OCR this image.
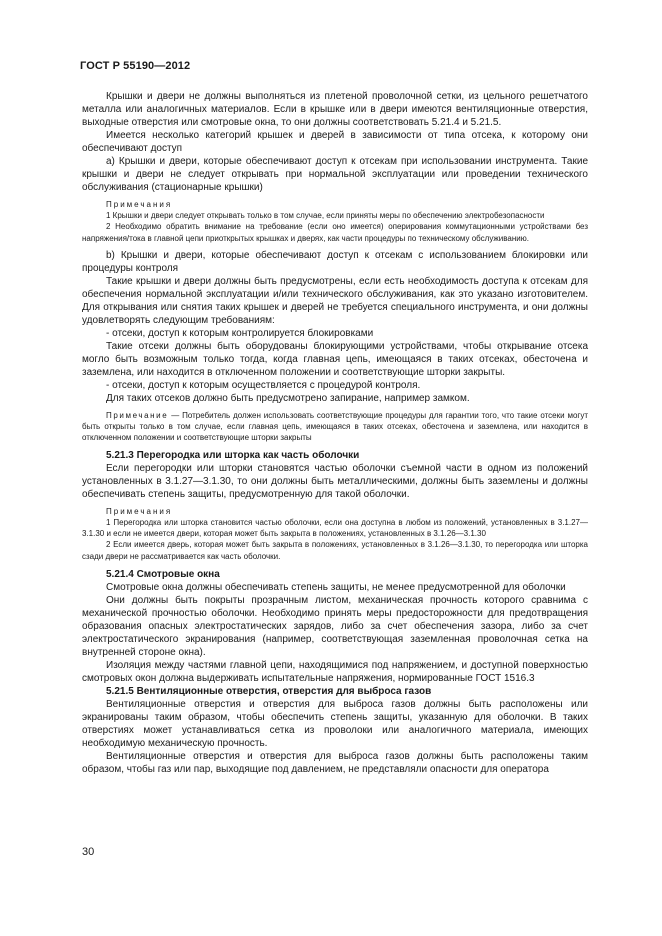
ГОСТ Р 55190—2012

Крышки и двери не должны выполняться из плетеной проволочной сетки, из цельного решетчатого металла или аналогичных материалов. Если в крышке или в двери имеются вентиляционные отверстия, выходные отверстия или смотровые окна, то они должны соответствовать 5.21.4 и 5.21.5.

Имеется несколько категорий крышек и дверей в зависимости от типа отсека, к которому они обеспечивают доступ

а) Крышки и двери, которые обеспечивают доступ к отсекам при использовании инструмента. Такие крышки и двери не следует открывать при нормальной эксплуатации или проведении технического обслуживания (стационарные крышки)

Примечания

1 Крышки и двери следует открывать только в том случае, если приняты меры по обеспечению электробезопасности

2 Необходимо обратить внимание на требование (если оно имеется) оперирования коммутационными устройствами без напряжения/тока в главной цепи приоткрытых крышках и дверях, как части процедуры по техническому обслуживанию.

b) Крышки и двери, которые обеспечивают доступ к отсекам с использованием блокировки или процедуры контроля

Такие крышки и двери должны быть предусмотрены, если есть необходимость доступа к отсекам для обеспечения нормальной эксплуатации и/или технического обслуживания, как это указано изготовителем. Для открывания или снятия таких крышек и дверей не требуется специального инструмента, и они должны удовлетворять следующим требованиям:

- отсеки, доступ к которым контролируется блокировками

Такие отсеки должны быть оборудованы блокирующими устройствами, чтобы открывание отсека могло быть возможным только тогда, когда главная цепь, имеющаяся в таких отсеках, обесточена и заземлена, или находится в отключенном положении и соответствующие шторки закрыты.

- отсеки, доступ к которым осуществляется с процедурой контроля.

Для таких отсеков должно быть предусмотрено запирание, например замком.

Примечание — Потребитель должен использовать соответствующие процедуры для гарантии того, что такие отсеки могут быть открыты только в том случае, если главная цепь, имеющаяся в таких отсеках, обесточена и заземлена, или находится в отключенном положении и соответствующие шторки закрыты

5.21.3 Перегородка или шторка как часть оболочки

Если перегородки или шторки становятся частью оболочки съемной части в одном из положений установленных в 3.1.27—3.1.30, то они должны быть металлическими, должны быть заземлены и должны обеспечивать степень защиты, предусмотренную для такой оболочки.

Примечания

1 Перегородка или шторка становится частью оболочки, если она доступна в любом из положений, установленных в 3.1.27—3.1.30 и если не имеется двери, которая может быть закрыта в положениях, установленных в 3.1.26—3.1.30

2 Если имеется дверь, которая может быть закрыта в положениях, установленных в 3.1.26—3.1.30, то перегородка или шторка сзади двери не рассматривается как часть оболочки.

5.21.4 Смотровые окна

Смотровые окна должны обеспечивать степень защиты, не менее предусмотренной для оболочки

Они должны быть покрыты прозрачным листом, механическая прочность которого сравнима с механической прочностью оболочки. Необходимо принять меры предосторожности для предотвращения образования опасных электростатических зарядов, либо за счет обеспечения зазора, либо за счет электростатического экранирования (например, соответствующая заземленная проволочная сетка на внутренней стороне окна).

Изоляция между частями главной цепи, находящимися под напряжением, и доступной поверхностью смотровых окон должна выдерживать испытательные напряжения, нормированные ГОСТ 1516.3

5.21.5 Вентиляционные отверстия, отверстия для выброса газов

Вентиляционные отверстия и отверстия для выброса газов должны быть расположены или экранированы таким образом, чтобы обеспечить степень защиты, указанную для оболочки. В таких отверстиях может устанавливаться сетка из проволоки или аналогичного материала, имеющих необходимую механическую прочность.

Вентиляционные отверстия и отверстия для выброса газов должны быть расположены таким образом, чтобы газ или пар, выходящие под давлением, не представляли опасности для оператора

30
